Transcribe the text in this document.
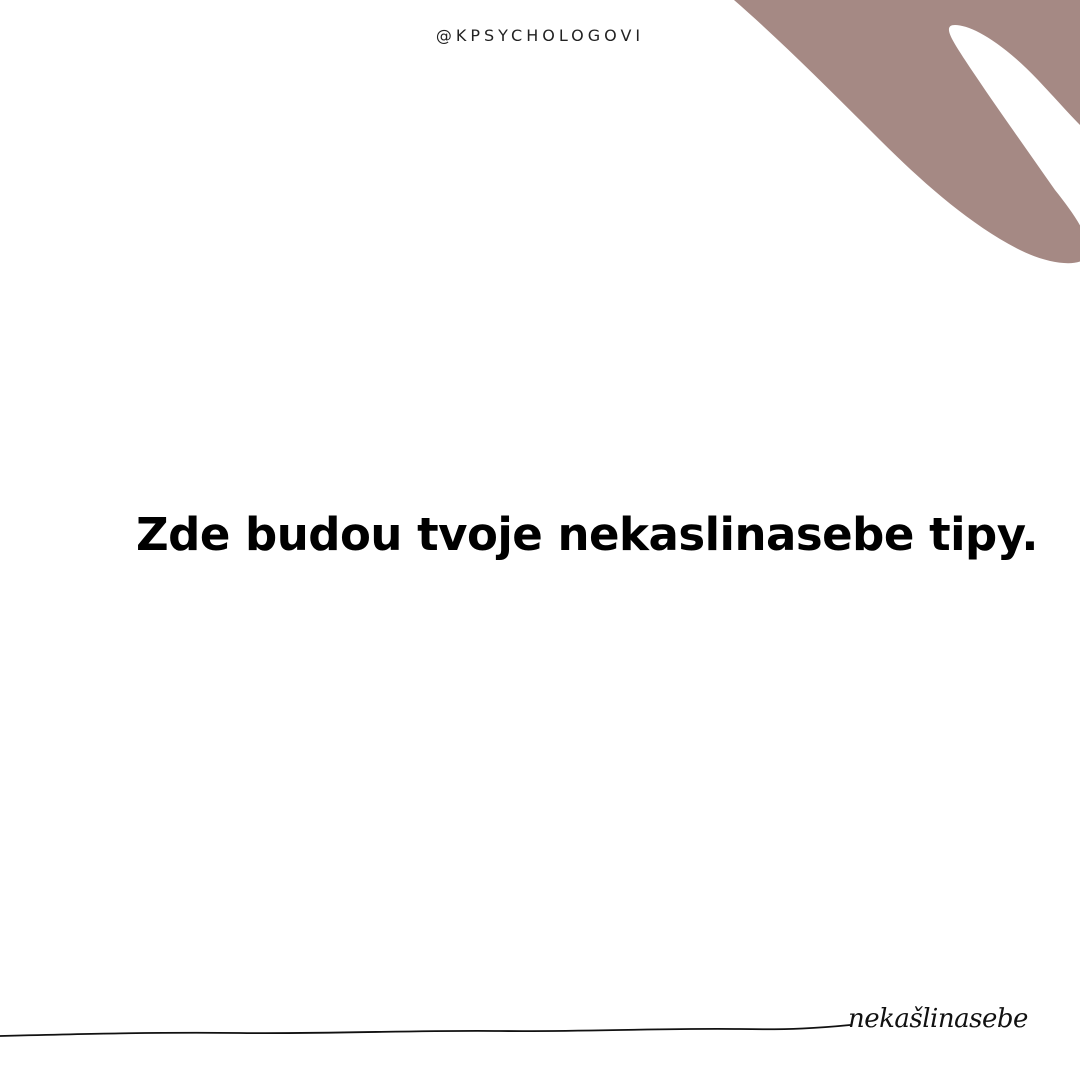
@KPSYCHOLOGOVI
Zde budou tvoje nekaslinasebe tipy.
nekašlinasebe
